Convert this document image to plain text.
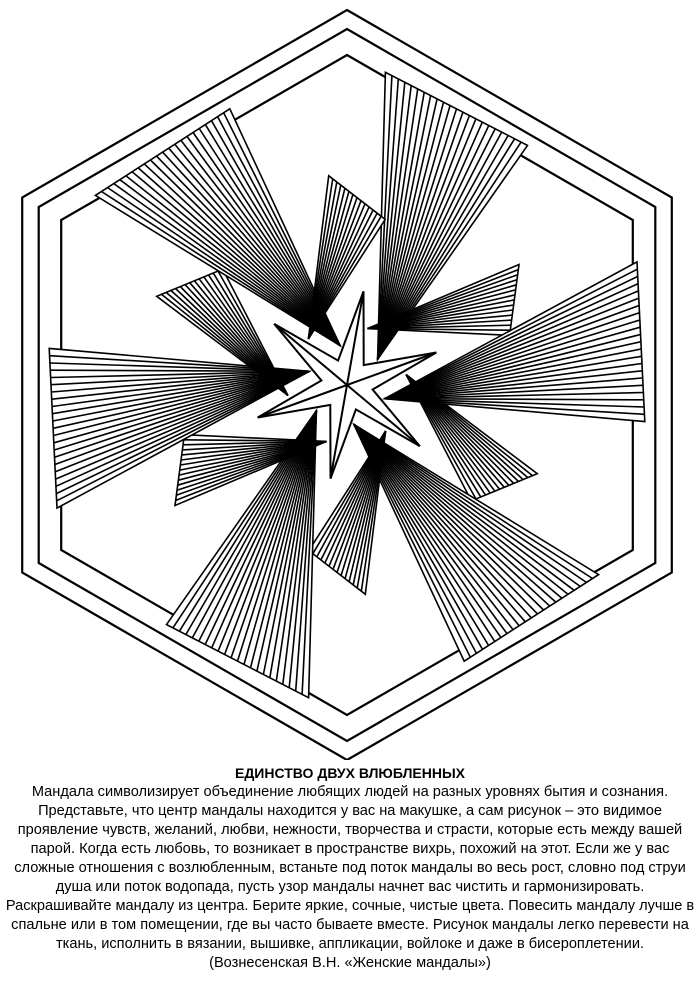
ЕДИНСТВО ДВУХ ВЛЮБЛЕННЫХ

Мандала символизирует объединение любящих людей на разных уровнях бытия и сознания. Представьте, что центр мандалы находится у вас на макушке, а сам рисунок – это видимое проявление чувств, желаний, любви, нежности, творчества и страсти, которые есть между вашей парой. Когда есть любовь, то возникает в пространстве вихрь, похожий на этот. Если же у вас сложные отношения с возлюбленным, встаньте под поток мандалы во весь рост, словно под струи душа или поток водопада, пусть узор мандалы начнет вас чистить и гармонизировать. Раскрашивайте мандалу из центра. Берите яркие, сочные, чистые цвета. Повесить мандалу лучше в спальне или в том помещении, где вы часто бываете вместе. Рисунок мандалы легко перевести на ткань, исполнить в вязании, вышивке, аппликации, войлоке и даже в бисероплетении.

(Вознесенская В.Н. «Женские мандалы»)
